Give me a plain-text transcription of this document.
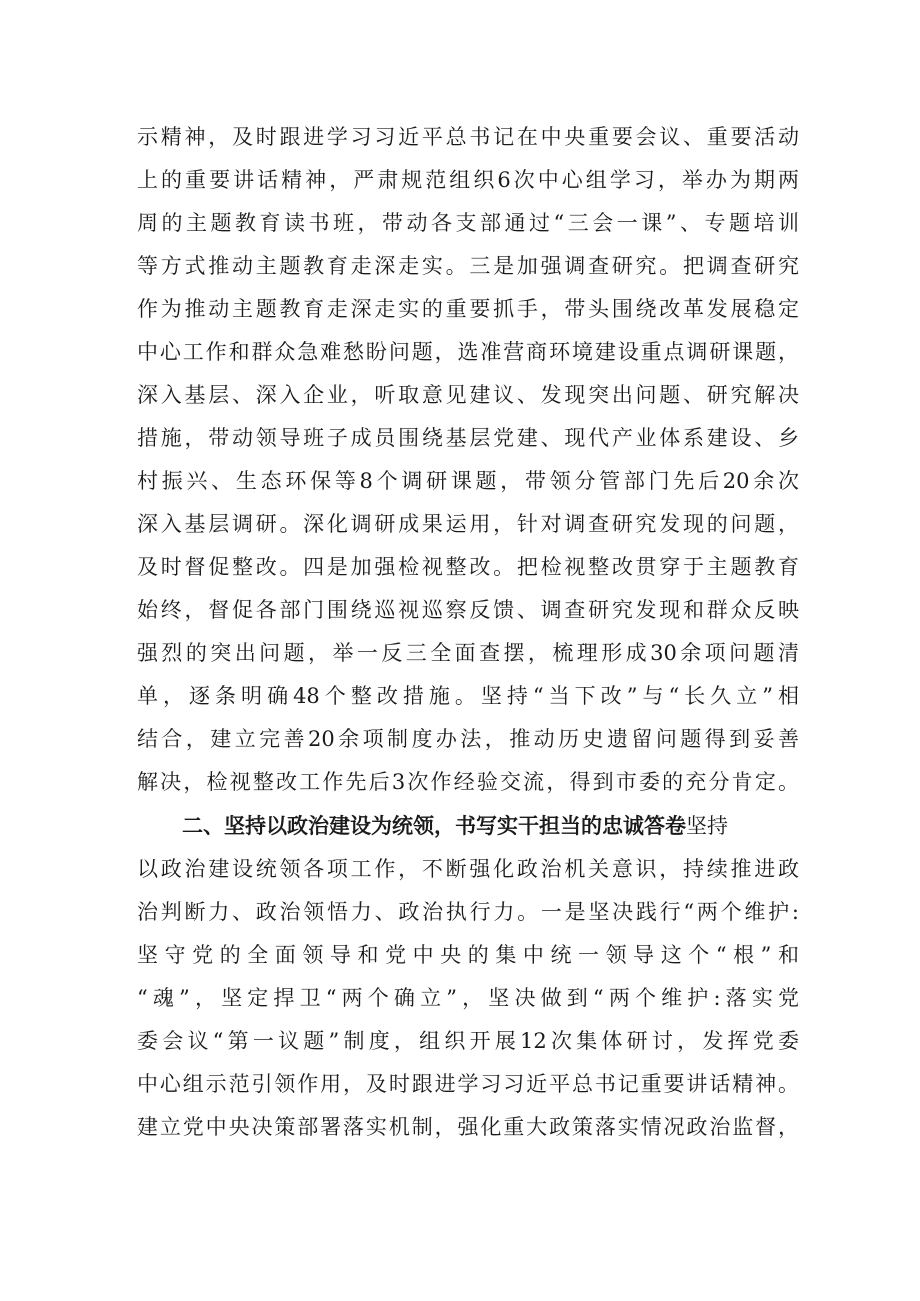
示精神，及时跟进学习习近平总书记在中央重要会议、重要活动
上的重要讲话精神，严肃规范组织6次中心组学习，举办为期两
周的主题教育读书班，带动各支部通过“三会一课”、专题培训
等方式推动主题教育走深走实。三是加强调查研究。把调查研究
作为推动主题教育走深走实的重要抓手，带头围绕改革发展稳定
中心工作和群众急难愁盼问题，选准营商环境建设重点调研课题，
深入基层、深入企业，听取意见建议、发现突出问题、研究解决
措施，带动领导班子成员围绕基层党建、现代产业体系建设、乡
村振兴、生态环保等8个调研课题，带领分管部门先后20余次
深入基层调研。深化调研成果运用，针对调查研究发现的问题，
及时督促整改。四是加强检视整改。把检视整改贯穿于主题教育
始终，督促各部门围绕巡视巡察反馈、调查研究发现和群众反映
强烈的突出问题，举一反三全面查摆，梳理形成30余项问题清
单，逐条明确48个整改措施。坚持“当下改”与“长久立”相
结合，建立完善20余项制度办法，推动历史遗留问题得到妥善
解决，检视整改工作先后3次作经验交流，得到市委的充分肯定。
二、坚持以政治建设为统领，书写实干担当的忠诚答卷坚持
以政治建设统领各项工作，不断强化政治机关意识，持续推进政
治判断力、政治领悟力、政治执行力。一是坚决践行“两个维护:
坚守党的全面领导和党中央的集中统一领导这个“根”和
“魂”，坚定捍卫“两个确立”，坚决做到“两个维护:落实党
委会议“第一议题”制度，组织开展12次集体研讨，发挥党委
中心组示范引领作用，及时跟进学习习近平总书记重要讲话精神。
建立党中央决策部署落实机制，强化重大政策落实情况政治监督，
